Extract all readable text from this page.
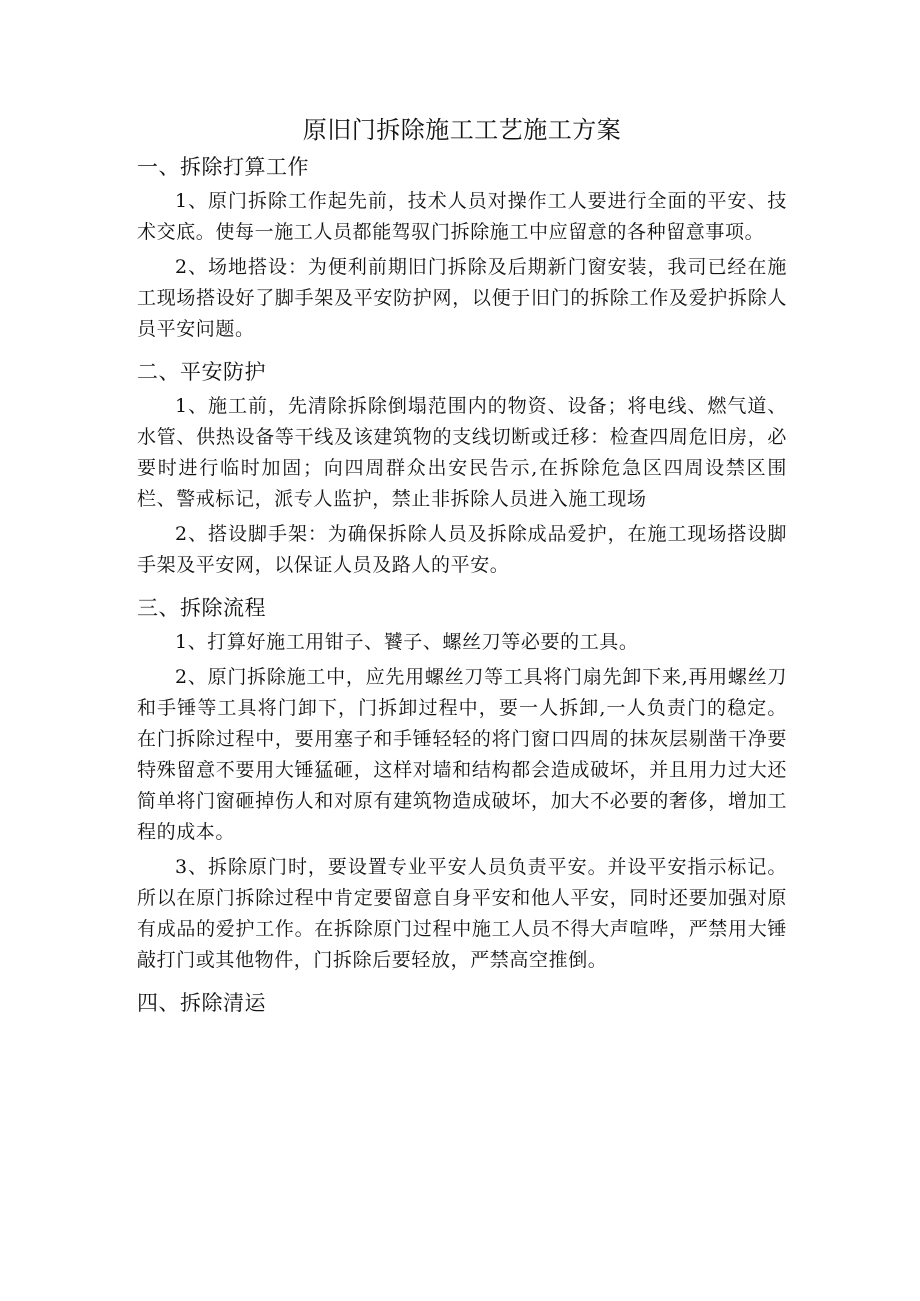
原旧门拆除施工工艺施工方案
一、拆除打算工作

1、原门拆除工作起先前，技术人员对操作工人要进行全面的平安、技术交底。使每一施工人员都能驾驭门拆除施工中应留意的各种留意事项。

2、场地搭设：为便利前期旧门拆除及后期新门窗安装，我司已经在施工现场搭设好了脚手架及平安防护网，以便于旧门的拆除工作及爱护拆除人员平安问题。

二、平安防护

1、施工前，先清除拆除倒塌范围内的物资、设备；将电线、燃气道、水管、供热设备等干线及该建筑物的支线切断或迁移：检查四周危旧房，必要时进行临时加固；向四周群众出安民告示,在拆除危急区四周设禁区围栏、警戒标记，派专人监护，禁止非拆除人员进入施工现场

2、搭设脚手架：为确保拆除人员及拆除成品爱护，在施工现场搭设脚手架及平安网，以保证人员及路人的平安。

三、拆除流程

1、打算好施工用钳子、饕子、螺丝刀等必要的工具。

2、原门拆除施工中，应先用螺丝刀等工具将门扇先卸下来,再用螺丝刀和手锤等工具将门卸下，门拆卸过程中，要一人拆卸,一人负责门的稳定。在门拆除过程中，要用塞子和手锤轻轻的将门窗口四周的抹灰层剔凿干净要特殊留意不要用大锤猛砸，这样对墙和结构都会造成破坏，并且用力过大还简单将门窗砸掉伤人和对原有建筑物造成破坏，加大不必要的奢侈，增加工程的成本。

3、拆除原门时，要设置专业平安人员负责平安。并设平安指示标记。所以在原门拆除过程中肯定要留意自身平安和他人平安，同时还要加强对原有成品的爱护工作。在拆除原门过程中施工人员不得大声喧哗，严禁用大锤敲打门或其他物件，门拆除后要轻放，严禁高空推倒。

四、拆除清运
